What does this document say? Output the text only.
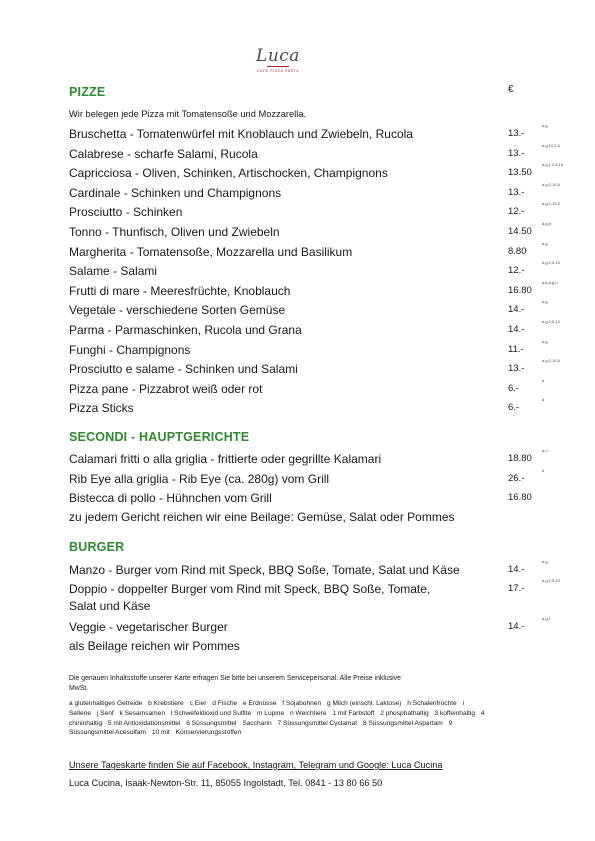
Luca
CAFE PIZZA PASTA
PIZZE	€
Wir belegen jede Pizza mit Tomatensoße und Mozzarella.
Bruschetta - Tomatenwürfel mit Knoblauch und Zwiebeln, Rucola	13.-
a,g
Calabrese - scharfe Salami, Rucola	13.-
a,g,10,2,5
Capricciosa - Oliven, Schinken, Artischocken, Champignons	13.50
a,g,1,2,5,10
Cardinale - Schinken und Champignons	13.-
a,g,2,10,5
Prosciutto - Schinken	12.-
a,g,2,10,5
Tonno - Thunfisch, Oliven und Zwiebeln	14.50
a,g,d
Margherita - Tomatensoße, Mozzarella und Basilikum	8.80
a,g
Salame - Salami	12.-
a,g,2,5,10
Frutti di mare - Meeresfrüchte, Knoblauch	16.80
a,b,d,g,n
Vegetale - verschiedene Sorten Gemüse	14.-
a,g
Parma - Parmaschinken, Rucola und Grana	14.-
a,g,2,5,10
Funghi - Champignons	11.-
a,g
Prosciutto e salame - Schinken und Salami	13.-
a,g,2,10,5
Pizza pane - Pizzabrot weiß oder rot	6.-
a
Pizza Sticks	6.-
a
SECONDI - HAUPTGERICHTE
Calamari fritti o alla griglia - frittierte oder gegrillte Kalamari	18.80
a,n
Rib Eye alla griglia - Rib Eye (ca. 280g) vom Grill	26.-
a
Bistecca di pollo - Hühnchen vom Grill	16.80
zu jedem Gericht reichen wir eine Beilage: Gemüse, Salat oder Pommes
BURGER
Manzo - Burger vom Rind mit Speck, BBQ Soße, Tomate, Salat und Käse	14.-
a,g
Doppio - doppelter Burger vom Rind mit Speck, BBQ Soße, Tomate,
Salat und Käse
17.-
a,g,2,5,10
Veggie - vegetarischer Burger	14.-
a,g,f
als Beilage reichen wir Pommes
Die genauen Inhaltsstoffe unserer Karte erfragen Sie bitte bei unserem Servicepersonal. Alle Preise inklusive
MwSt.
a glutenhaltiges Getreide b Krebstiere c Eier d Fische e Erdnüsse f Sojabohnen g Milch (einschl. Laktose) h Schalenfrüchte i Sellerie j Senf k Sesamsamen l Schwefeldioxid und Sulfite m Lupine n Weichtiere 1 mit Farbstoff 2 phosphathaltig 3 koffeinhaltig 4 chininhaltig 5 mit Antioxidationsmittel 6 Süssungsmittel Saccharin 7 Süssungsmittel Cyclamat 8 Süssungsmittel Aspartam 9 Süssungsmittel Acesulfam 10 mit Konservierungsstoffen
Unsere Tageskarte finden Sie auf Facebook, Instagram, Telegram und Google: Luca Cucina
Luca Cucina, Isaak-Newton-Str. 11, 85055 Ingolstadt, Tel. 0841 - 13 80 66 50
